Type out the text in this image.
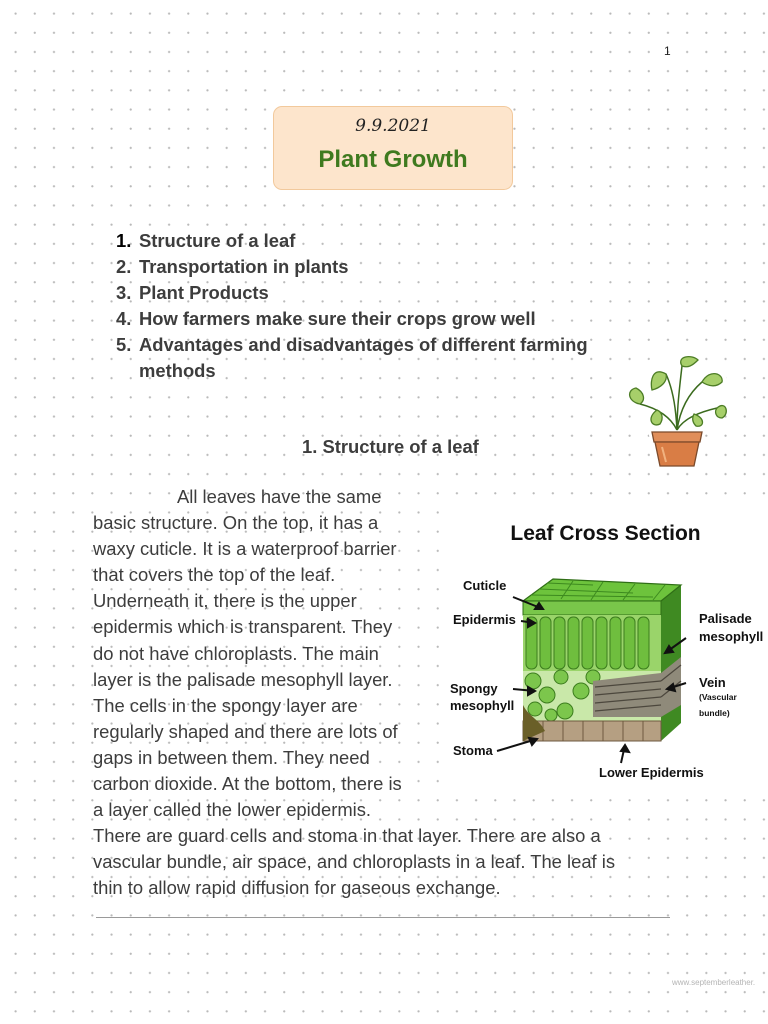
1
9.9.2021
Plant Growth
1. Structure of a leaf
2. Transportation in plants
3. Plant Products
4. How farmers make sure their crops grow well
5. Advantages and disadvantages of different farming methods
1. Structure of a leaf
All leaves have the same
basic structure. On the top, it has a
waxy cuticle. It is a waterproof barrier
that covers the top of the leaf.
Underneath it, there is the upper
epidermis which is transparent. They
do not have chloroplasts. The main
layer is the palisade mesophyll layer.
The cells in the spongy layer are
regularly shaped and there are lots of
gaps in between them. They need
carbon dioxide. At the bottom, there is
a layer called the lower epidermis.
There are guard cells and stoma in that layer. There are also a
vascular bundle, air space, and chloroplasts in a leaf. The leaf is
thin to allow rapid diffusion for gaseous exchange.
Leaf Cross Section
Cuticle
Epidermis	Palisade
mesophyll
Spongy
mesophyll
Vein
(Vascular bundle)
Stoma
Lower Epidermis
www.septemberleather.
